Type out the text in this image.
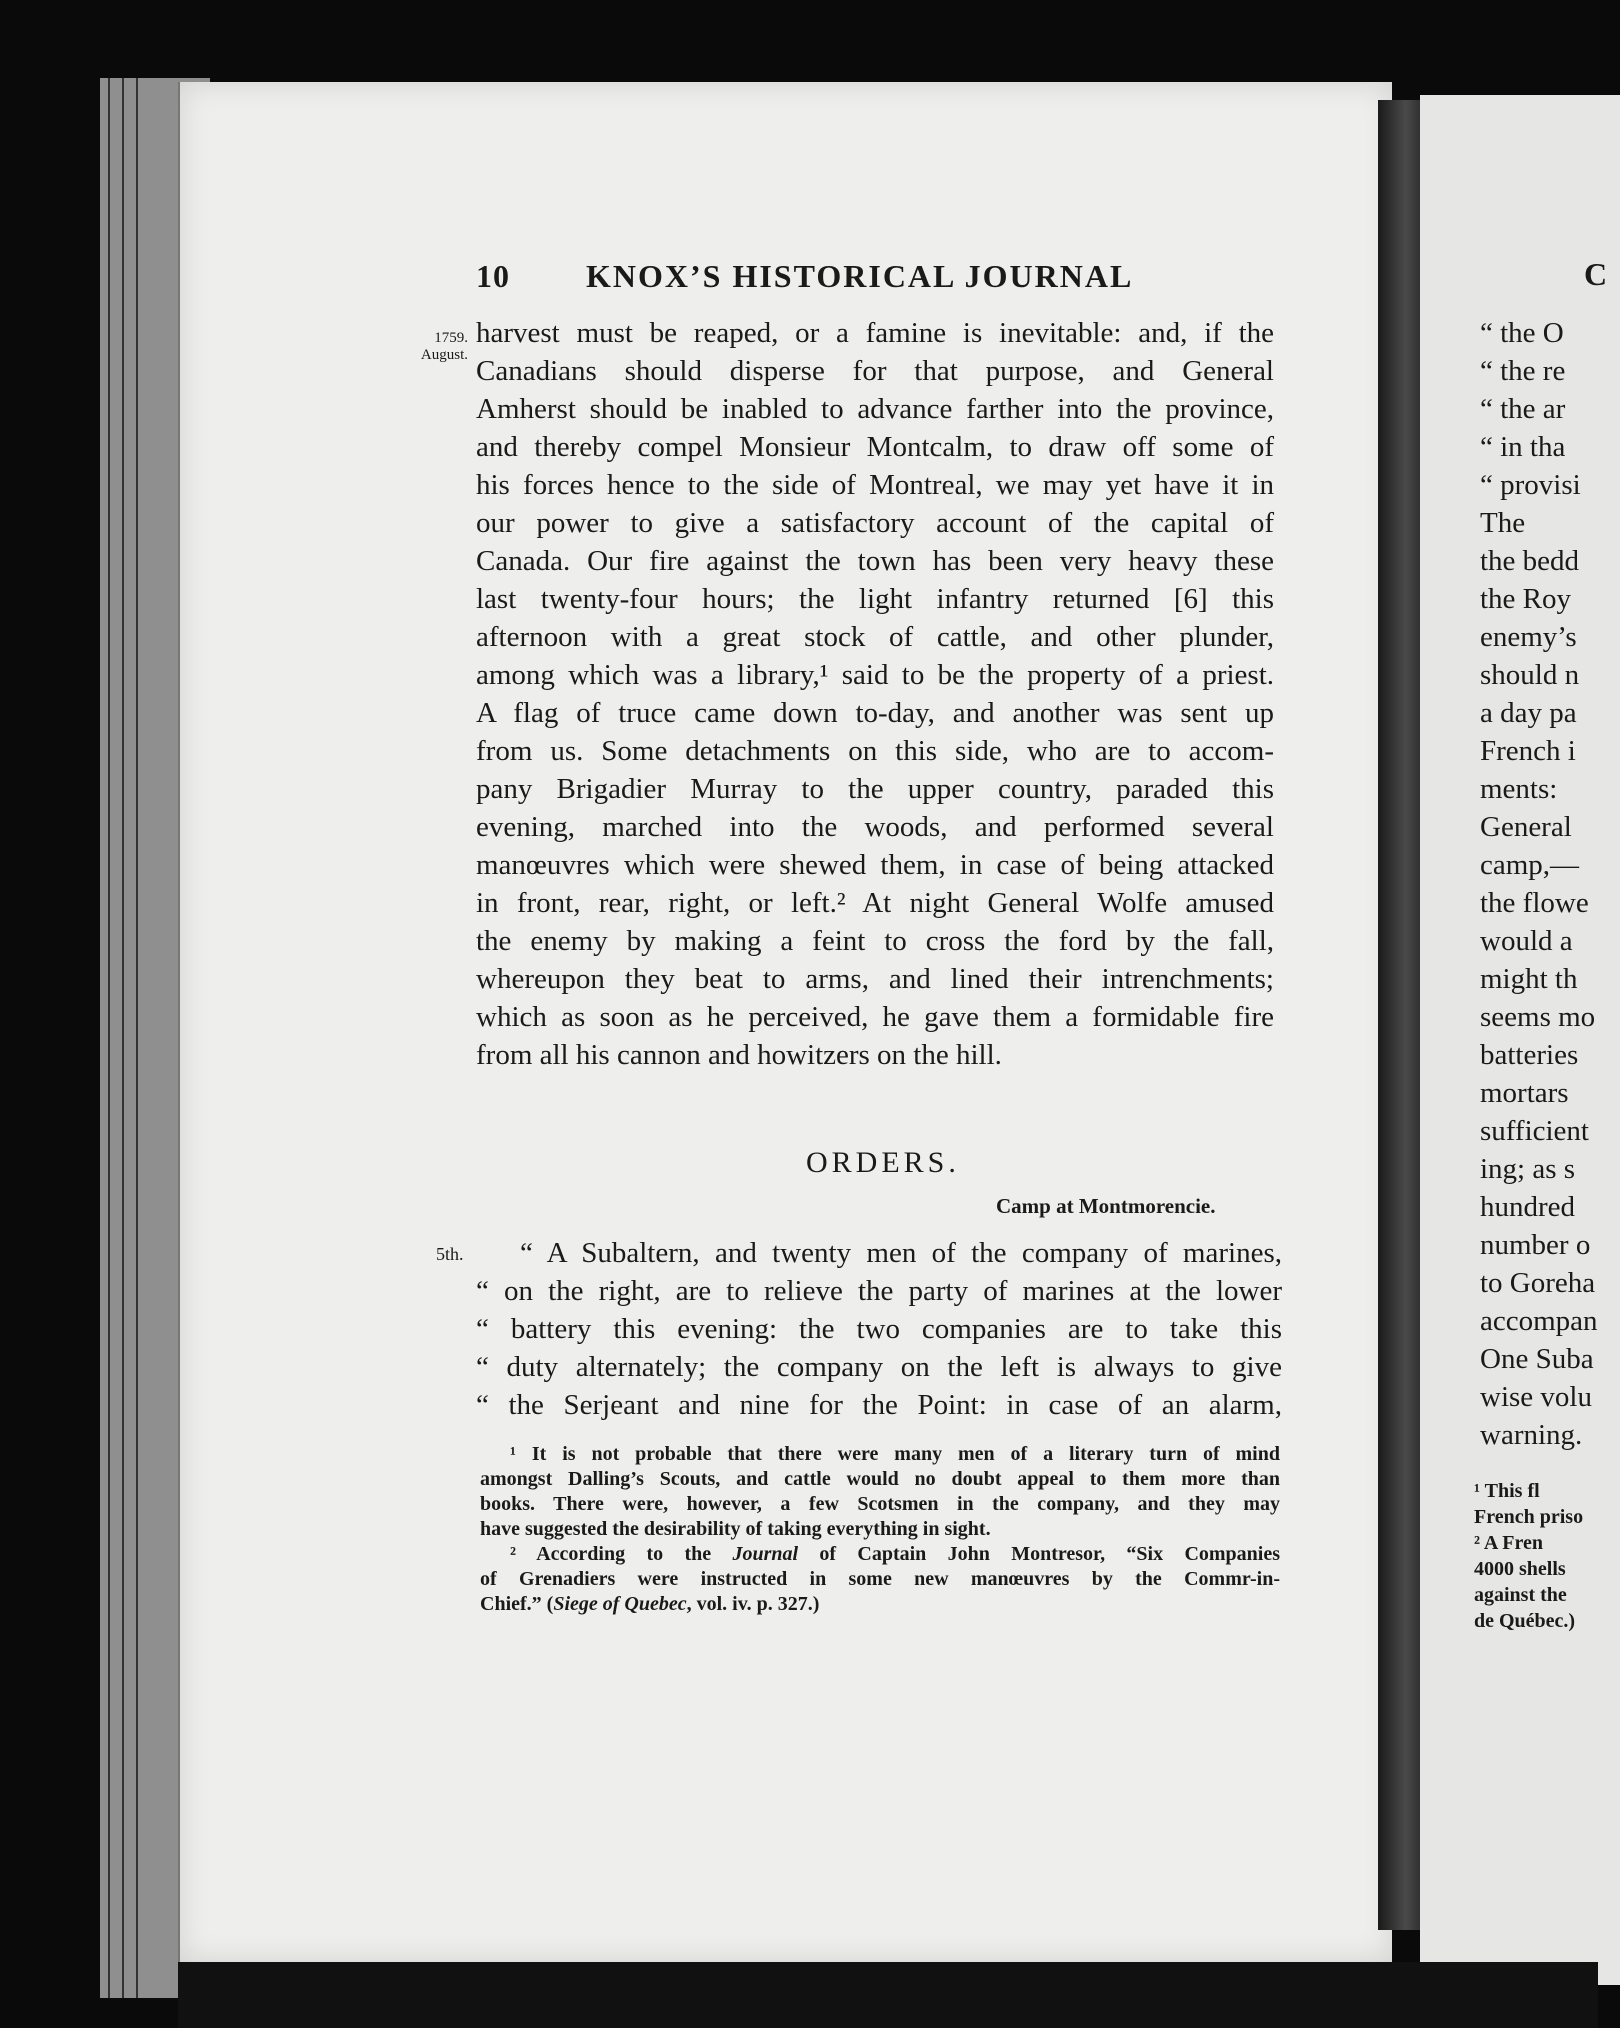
10 KNOX’S HISTORICAL JOURNAL
1759.
August.
5th.
harvest must be reaped, or a famine is inevitable: and, if the
Canadians should disperse for that purpose, and General
Amherst should be inabled to advance farther into the province,
and thereby compel Monsieur Montcalm, to draw off some of
his forces hence to the side of Montreal, we may yet have it in
our power to give a satisfactory account of the capital of
Canada. Our fire against the town has been very heavy these
last twenty-four hours; the light infantry returned [6] this
afternoon with a great stock of cattle, and other plunder,
among which was a library,¹ said to be the property of a priest.
A flag of truce came down to-day, and another was sent up
from us. Some detachments on this side, who are to accom-
pany Brigadier Murray to the upper country, paraded this
evening, marched into the woods, and performed several
manœuvres which were shewed them, in case of being attacked
in front, rear, right, or left.² At night General Wolfe amused
the enemy by making a feint to cross the ford by the fall,
whereupon they beat to arms, and lined their intrenchments;
which as soon as he perceived, he gave them a formidable fire
from all his cannon and howitzers on the hill.
ORDERS.
Camp at Montmorencie.
“ A Subaltern, and twenty men of the company of marines,
“ on the right, are to relieve the party of marines at the lower
“ battery this evening: the two companies are to take this
“ duty alternately; the company on the left is always to give
“ the Serjeant and nine for the Point: in case of an alarm,
¹ It is not probable that there were many men of a literary turn of mind
amongst Dalling’s Scouts, and cattle would no doubt appeal to them more than
books. There were, however, a few Scotsmen in the company, and they may
have suggested the desirability of taking everything in sight.
² According to the Journal of Captain John Montresor, “Six Companies
of Grenadiers were instructed in some new manœuvres by the Commr-in-
Chief.” (Siege of Quebec, vol. iv. p. 327.)
C
“ the O
“ the re
“ the ar
“ in tha
“ provisi
The
the bedd
the Roy
enemy’s
should n
a day pa
French i
ments:
General
camp,—
the flowe
would a
might th
seems mo
batteries
mortars
sufficient
ing; as s
hundred
number o
to Goreha
accompan
One Suba
wise volu
warning.
¹ This fl
French priso
² A Fren
4000 shells
against the
de Québec.)
